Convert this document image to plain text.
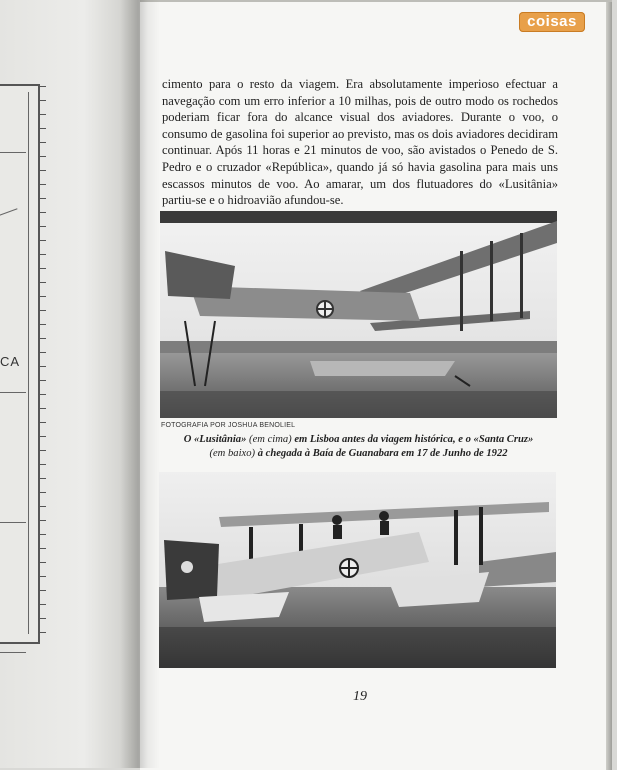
CA
coisas

cimento para o resto da viagem. Era absolutamente imperioso efectuar a navegação com um erro inferior a 10 milhas, pois de outro modo os rochedos poderiam ficar fora do alcance visual dos aviadores. Durante o voo, o consumo de gasolina foi superior ao previsto, mas os dois aviadores decidiram continuar. Após 11 horas e 21 minutos de voo, são avistados o Penedo de S. Pedro e o cruzador «República», quando já só havia gasolina para mais uns escassos minutos de voo. Ao amarar, um dos flutuadores do «Lusitânia» partiu-se e o hidroavião afundou-se.

FOTOGRAFIA POR JOSHUA BENOLIEL
O «Lusitânia» (em cima) em Lisboa antes da viagem histórica, e o «Santa Cruz»
(em baixo) à chegada à Baía de Guanabara em 17 de Junho de 1922
19
